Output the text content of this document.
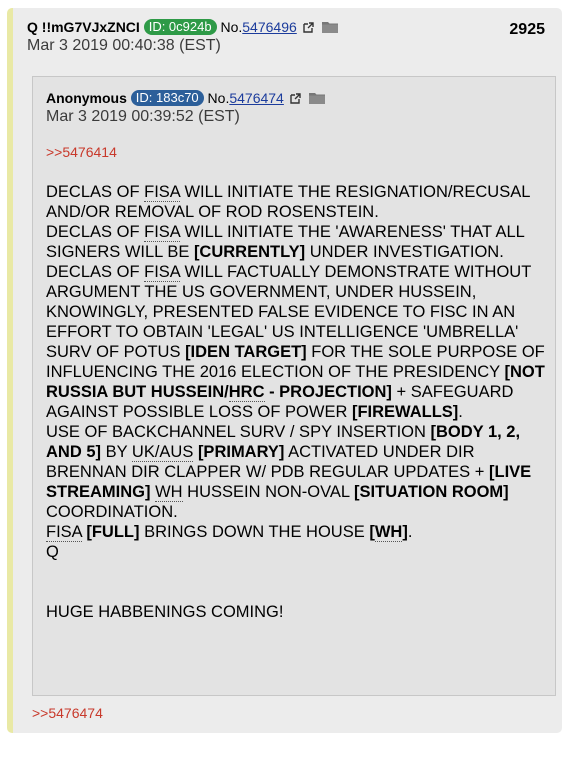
Q !!mG7VJxZNCI ID: 0c924b No.5476496
Mar 3 2019 00:40:38 (EST)
2925
Anonymous ID: 183c70 No.5476474
Mar 3 2019 00:39:52 (EST)
>>5476414

DECLAS OF FISA WILL INITIATE THE RESIGNATION/RECUSAL AND/OR REMOVAL OF ROD ROSENSTEIN.

DECLAS OF FISA WILL INITIATE THE 'AWARENESS' THAT ALL SIGNERS WILL BE [CURRENTLY] UNDER INVESTIGATION.

DECLAS OF FISA WILL FACTUALLY DEMONSTRATE WITHOUT ARGUMENT THE US GOVERNMENT, UNDER HUSSEIN, KNOWINGLY, PRESENTED FALSE EVIDENCE TO FISC IN AN EFFORT TO OBTAIN 'LEGAL' US INTELLIGENCE 'UMBRELLA' SURV OF POTUS [IDEN TARGET] FOR THE SOLE PURPOSE OF INFLUENCING THE 2016 ELECTION OF THE PRESIDENCY [NOT RUSSIA BUT HUSSEIN/HRC - PROJECTION] + SAFEGUARD AGAINST POSSIBLE LOSS OF POWER [FIREWALLS].

USE OF BACKCHANNEL SURV / SPY INSERTION [BODY 1, 2, AND 5] BY UK/AUS [PRIMARY] ACTIVATED UNDER DIR BRENNAN DIR CLAPPER W/ PDB REGULAR UPDATES + [LIVE STREAMING] WH HUSSEIN NON-OVAL [SITUATION ROOM] COORDINATION.

FISA [FULL] BRINGS DOWN THE HOUSE [WH].

Q

HUGE HABBENINGS COMING!

>>5476474
